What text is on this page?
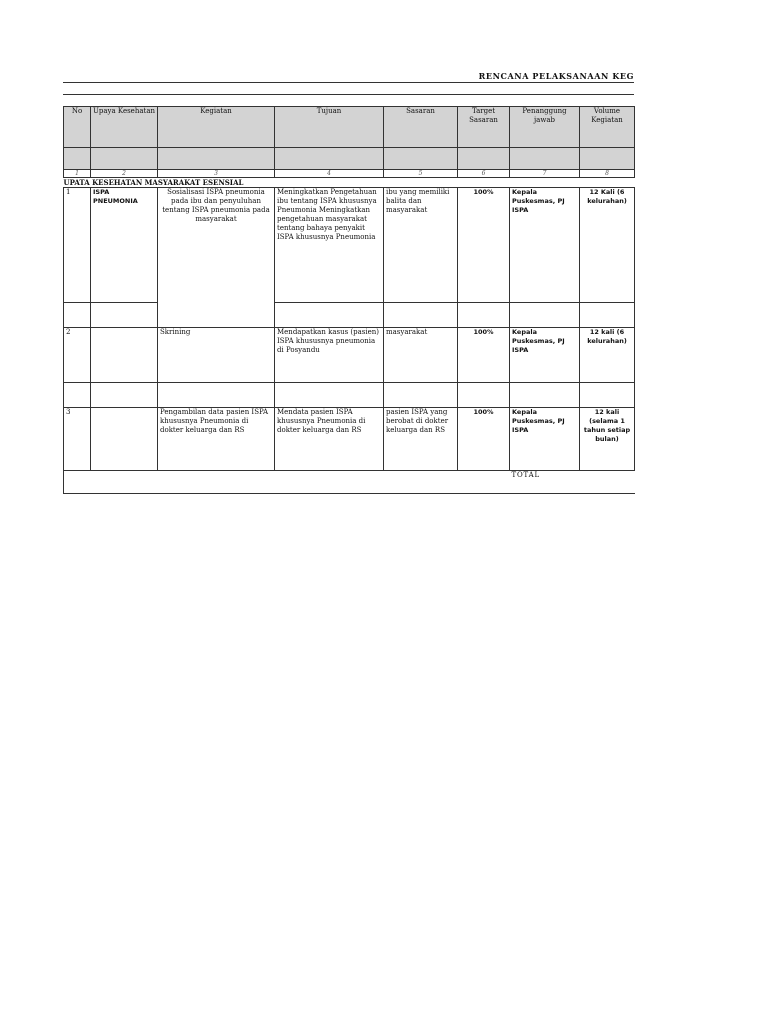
RENCANA PELAKSANAAN KEG
No	Upaya Kesehatan	Kegiatan	Tujuan	Sasaran	Target Sasaran	Penanggung jawab	Volume Kegiatan

1	2	3	4	5	6	7	8
UPATA KESEHATAN MASYARAKAT ESENSIAL							
1	ISPA PNEUMONIA	Sosialisasi ISPA pneumonia pada ibu dan penyuluhan tentang ISPA pneumonia pada masyarakat	Meningkatkan Pengetahuan ibu tentang ISPA khususnya Pneumonia Meningkatkan pengetahuan masyarakat tentang bahaya penyakit ISPA khususnya Pneumonia	ibu yang memiliki balita dan masyarakat	100%	Kepala Puskesmas, PJ ISPA	12 Kali (6 kelurahan)

2		Skrining	Mendapatkan kasus (pasien) ISPA khususnya pneumonia di Posyandu	masyarakat	100%	Kepala Puskesmas, PJ ISPA	12 kali (6 kelurahan)

3		Pengambilan data pasien ISPA khususnya Pneumonia di dokter keluarga dan RS	Mendata pasien ISPA khususnya Pneumonia di dokter keluarga dan RS	pasien ISPA yang berobat di dokter keluarga dan RS	100%	Kepala Puskesmas, PJ ISPA	12 kali (selama 1 tahun setiap bulan)
						TOTAL	
